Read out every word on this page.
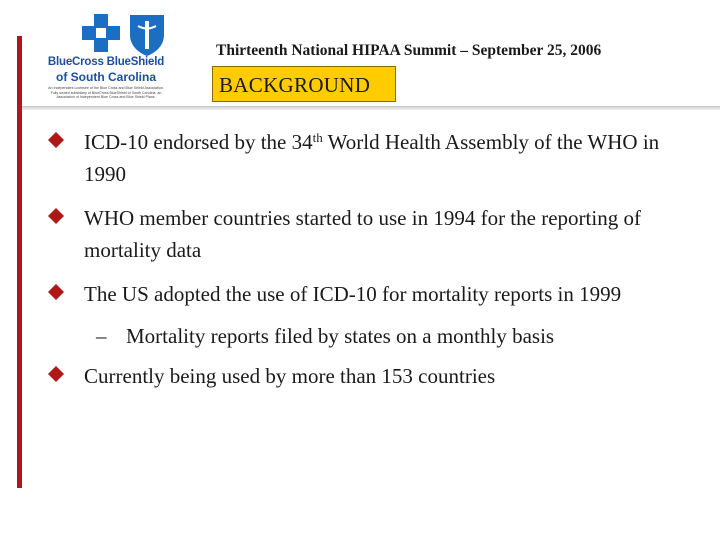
BlueCross BlueShield
of South Carolina
An Independent Licensee of the Blue Cross and Blue Shield Association. Fully owned subsidiary of BlueCross BlueShield of South Carolina, an Association of Independent Blue Cross and Blue Shield Plans.
Thirteenth National HIPAA Summit – September 25, 2006
BACKGROUND
ICD-10 endorsed by the 34th World Health Assembly of the WHO in 1990
WHO member countries started to use in 1994 for the reporting of mortality data
The US adopted the use of ICD-10 for mortality reports in 1999
– Mortality reports filed by states on a monthly basis
Currently being used by more than 153 countries
